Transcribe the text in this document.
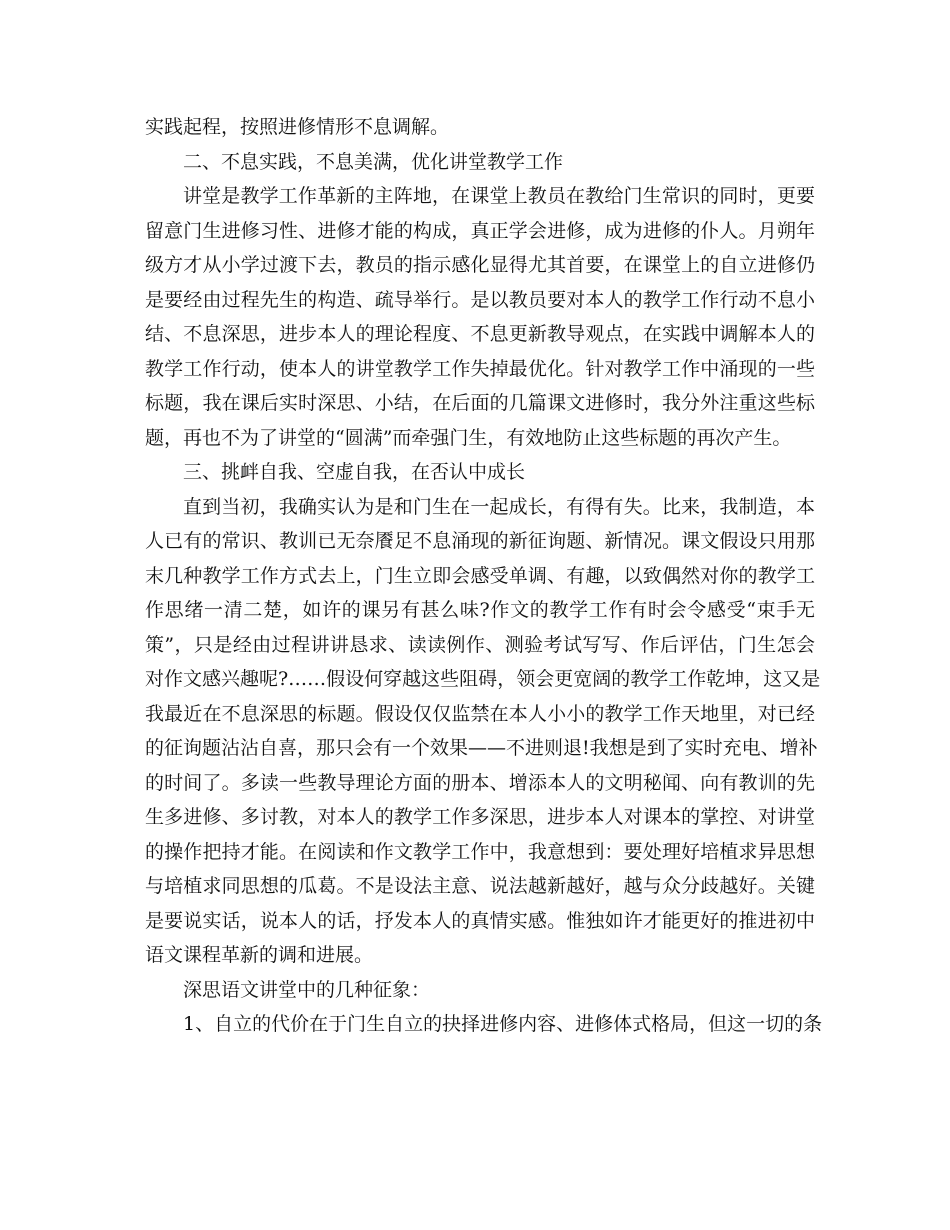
实践起程，按照进修情形不息调解。
二、不息实践，不息美满，优化讲堂教学工作
讲堂是教学工作革新的主阵地，在课堂上教员在教给门生常识的同时，更要
留意门生进修习性、进修才能的构成，真正学会进修，成为进修的仆人。月朔年
级方才从小学过渡下去，教员的指示感化显得尤其首要，在课堂上的自立进修仍
是要经由过程先生的构造、疏导举行。是以教员要对本人的教学工作行动不息小
结、不息深思，进步本人的理论程度、不息更新教导观点，在实践中调解本人的
教学工作行动，使本人的讲堂教学工作失掉最优化。针对教学工作中涌现的一些
标题，我在课后实时深思、小结，在后面的几篇课文进修时，我分外注重这些标
题，再也不为了讲堂的“圆满”而牵强门生，有效地防止这些标题的再次产生。
三、挑衅自我、空虚自我，在否认中成长
直到当初，我确实认为是和门生在一起成长，有得有失。比来，我制造，本
人已有的常识、教训已无奈餍足不息涌现的新征询题、新情况。课文假设只用那
末几种教学工作方式去上，门生立即会感受单调、有趣，以致偶然对你的教学工
作思绪一清二楚，如许的课另有甚么味?作文的教学工作有时会令感受“束手无
策”，只是经由过程讲讲恳求、读读例作、测验考试写写、作后评估，门生怎会
对作文感兴趣呢?……假设何穿越这些阻碍，领会更宽阔的教学工作乾坤，这又是
我最近在不息深思的标题。假设仅仅监禁在本人小小的教学工作天地里，对已经
的征询题沾沾自喜，那只会有一个效果——不进则退!我想是到了实时充电、增补
的时间了。多读一些教导理论方面的册本、增添本人的文明秘闻、向有教训的先
生多进修、多讨教，对本人的教学工作多深思，进步本人对课本的掌控、对讲堂
的操作把持才能。在阅读和作文教学工作中，我意想到：要处理好培植求异思想
与培植求同思想的瓜葛。不是设法主意、说法越新越好，越与众分歧越好。关键
是要说实话，说本人的话，抒发本人的真情实感。惟独如许才能更好的推进初中
语文课程革新的调和进展。
深思语文讲堂中的几种征象：
1、自立的代价在于门生自立的抉择进修内容、进修体式格局，但这一切的条
